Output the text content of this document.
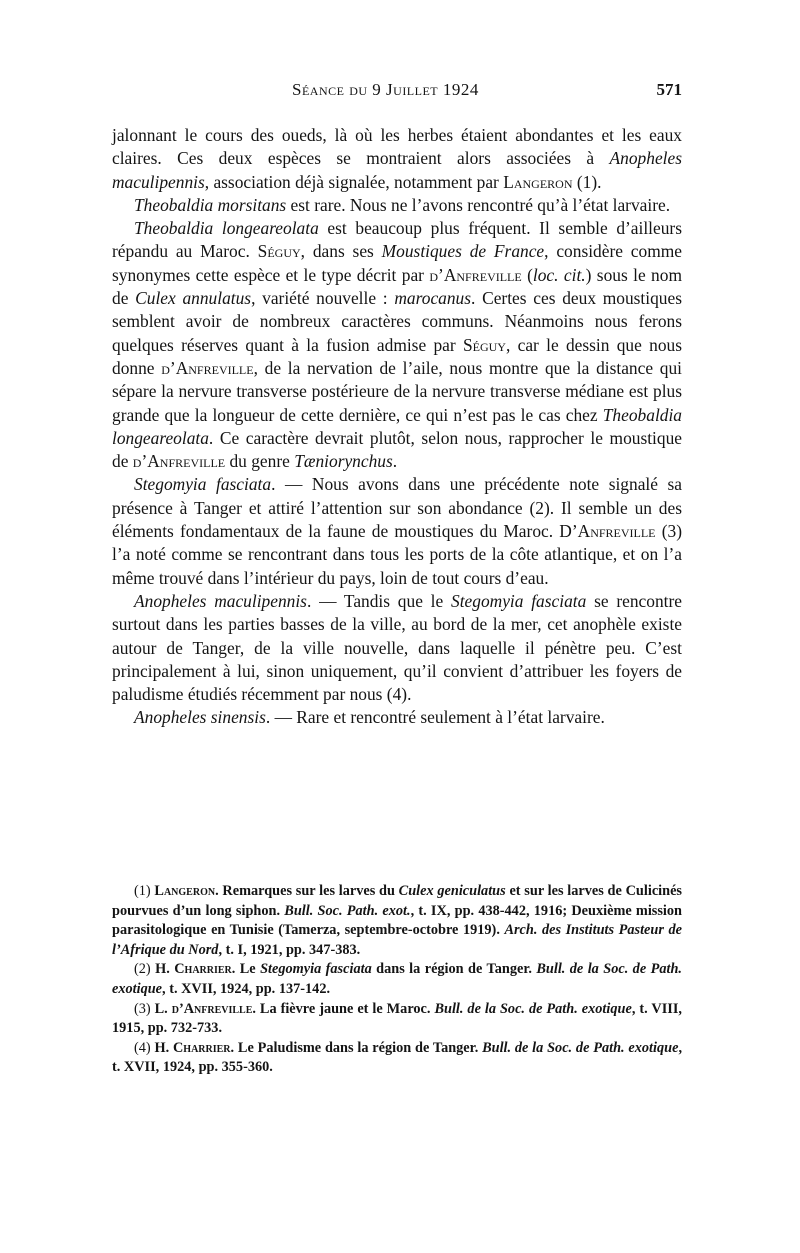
Séance du 9 Juillet 1924	571

jalonnant le cours des oueds, là où les herbes étaient abondantes et les eaux claires. Ces deux espèces se montraient alors associées à Anopheles maculipennis, association déjà signalée, notamment par Langeron (1).

Theobaldia morsitans est rare. Nous ne l’avons rencontré qu’à l’état larvaire.

Theobaldia longeareolata est beaucoup plus fréquent. Il semble d’ailleurs répandu au Maroc. Séguy, dans ses Moustiques de France, considère comme synonymes cette espèce et le type décrit par d’Anfreville (loc. cit.) sous le nom de Culex annulatus, variété nouvelle : marocanus. Certes ces deux moustiques semblent avoir de nombreux caractères communs. Néanmoins nous ferons quelques réserves quant à la fusion admise par Séguy, car le dessin que nous donne d’Anfreville, de la nervation de l’aile, nous montre que la distance qui sépare la nervure transverse postérieure de la nervure transverse médiane est plus grande que la longueur de cette dernière, ce qui n’est pas le cas chez Theobaldia longeareolata. Ce caractère devrait plutôt, selon nous, rapprocher le moustique de d’Anfreville du genre Tæniorynchus.

Stegomyia fasciata. — Nous avons dans une précédente note signalé sa présence à Tanger et attiré l’attention sur son abondance (2). Il semble un des éléments fondamentaux de la faune de moustiques du Maroc. D’Anfreville (3) l’a noté comme se rencontrant dans tous les ports de la côte atlantique, et on l’a même trouvé dans l’intérieur du pays, loin de tout cours d’eau.

Anopheles maculipennis. — Tandis que le Stegomyia fasciata se rencontre surtout dans les parties basses de la ville, au bord de la mer, cet anophèle existe autour de Tanger, de la ville nouvelle, dans laquelle il pénètre peu. C’est principalement à lui, sinon uniquement, qu’il convient d’attribuer les foyers de paludisme étudiés récemment par nous (4).

Anopheles sinensis. — Rare et rencontré seulement à l’état larvaire.

(1) Langeron. Remarques sur les larves du Culex geniculatus et sur les larves de Culicinés pourvues d’un long siphon. Bull. Soc. Path. exot., t. IX, pp. 438-442, 1916; Deuxième mission parasitologique en Tunisie (Tamerza, septembre-octobre 1919). Arch. des Instituts Pasteur de l’Afrique du Nord, t. I, 1921, pp. 347-383.

(2) H. Charrier. Le Stegomyia fasciata dans la région de Tanger. Bull. de la Soc. de Path. exotique, t. XVII, 1924, pp. 137-142.

(3) L. d’Anfreville. La fièvre jaune et le Maroc. Bull. de la Soc. de Path. exotique, t. VIII, 1915, pp. 732-733.

(4) H. Charrier. Le Paludisme dans la région de Tanger. Bull. de la Soc. de Path. exotique, t. XVII, 1924, pp. 355-360.
